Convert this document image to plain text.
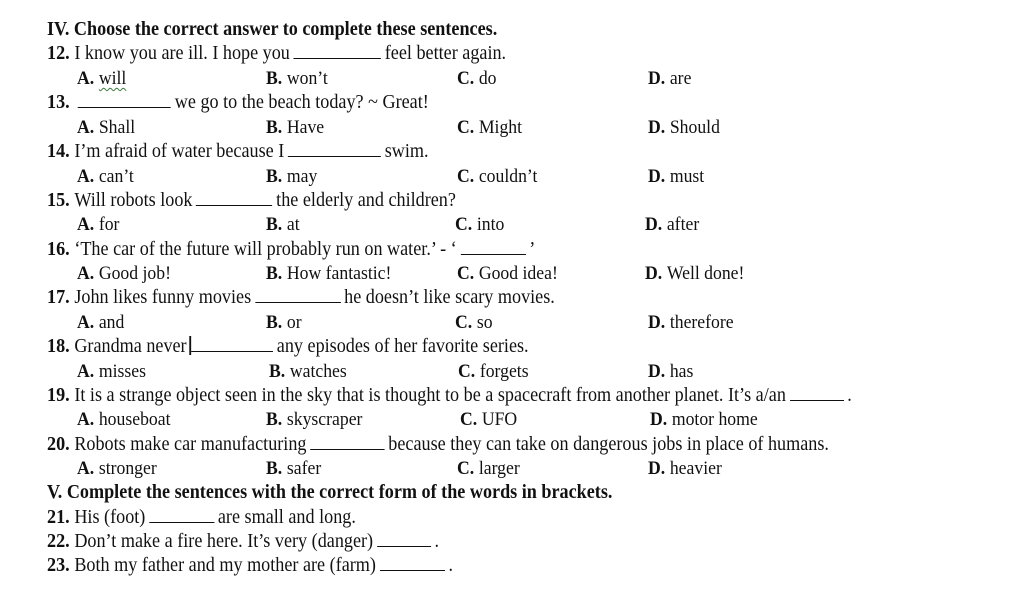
IV. Choose the correct answer to complete these sentences.
12. I know you are ill. I hope you	feel better again.
A. will	B. won’t	C. do	D. are
13.	we go to the beach today? ~ Great!
A. Shall	B. Have	C. Might	D. Should
14. I’m afraid of water because I	swim.
A. can’t	B. may	C. couldn’t	D. must
15. Will robots look	the elderly and children?
A. for	B. at	C. into	D. after
16. ‘The car of the future will probably run on water.’ - ‘	’
A. Good job!	B. How fantastic!	C. Good idea!	D. Well done!
17. John likes funny movies	he doesn’t like scary movies.
A. and	B. or	C. so	D. therefore
18. Grandma never	any episodes of her favorite series.
A. misses	B. watches	C. forgets	D. has
19. It is a strange object seen in the sky that is thought to be a spacecraft from another planet. It’s a/an	.
A. houseboat	B. skyscraper	C. UFO	D. motor home
20. Robots make car manufacturing	because they can take on dangerous jobs in place of humans.
A. stronger	B. safer	C. larger	D. heavier
V. Complete the sentences with the correct form of the words in brackets.
21. His (foot)	are small and long.
22. Don’t make a fire here. It’s very (danger)	.
23. Both my father and my mother are (farm)	.
